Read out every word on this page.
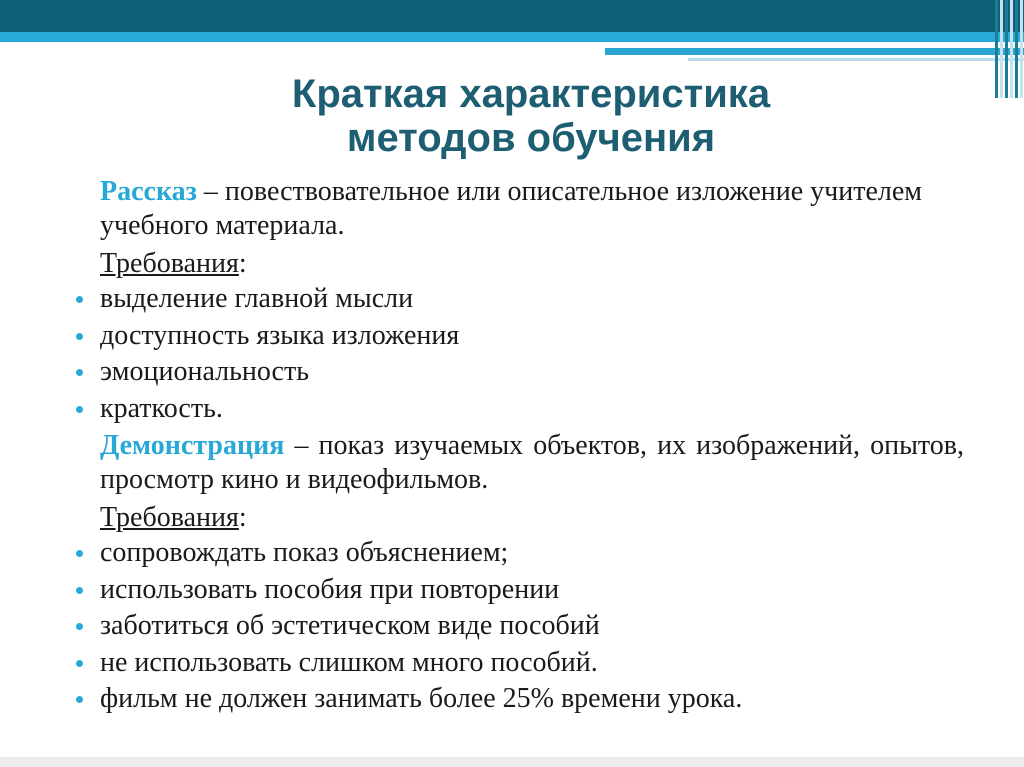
Краткая характеристика
методов обучения

Рассказ – повествовательное или описательное изложение учителем учебного материала.

Требования:
выделение главной мысли
доступность языка изложения
эмоциональность
краткость.

Демонстрация – показ изучаемых объектов, их изображений, опытов, просмотр кино и видеофильмов.

Требования:
сопровождать показ объяснением;
использовать пособия при повторении
заботиться об эстетическом виде пособий
не использовать слишком много пособий.
фильм не должен занимать более 25% времени урока.
